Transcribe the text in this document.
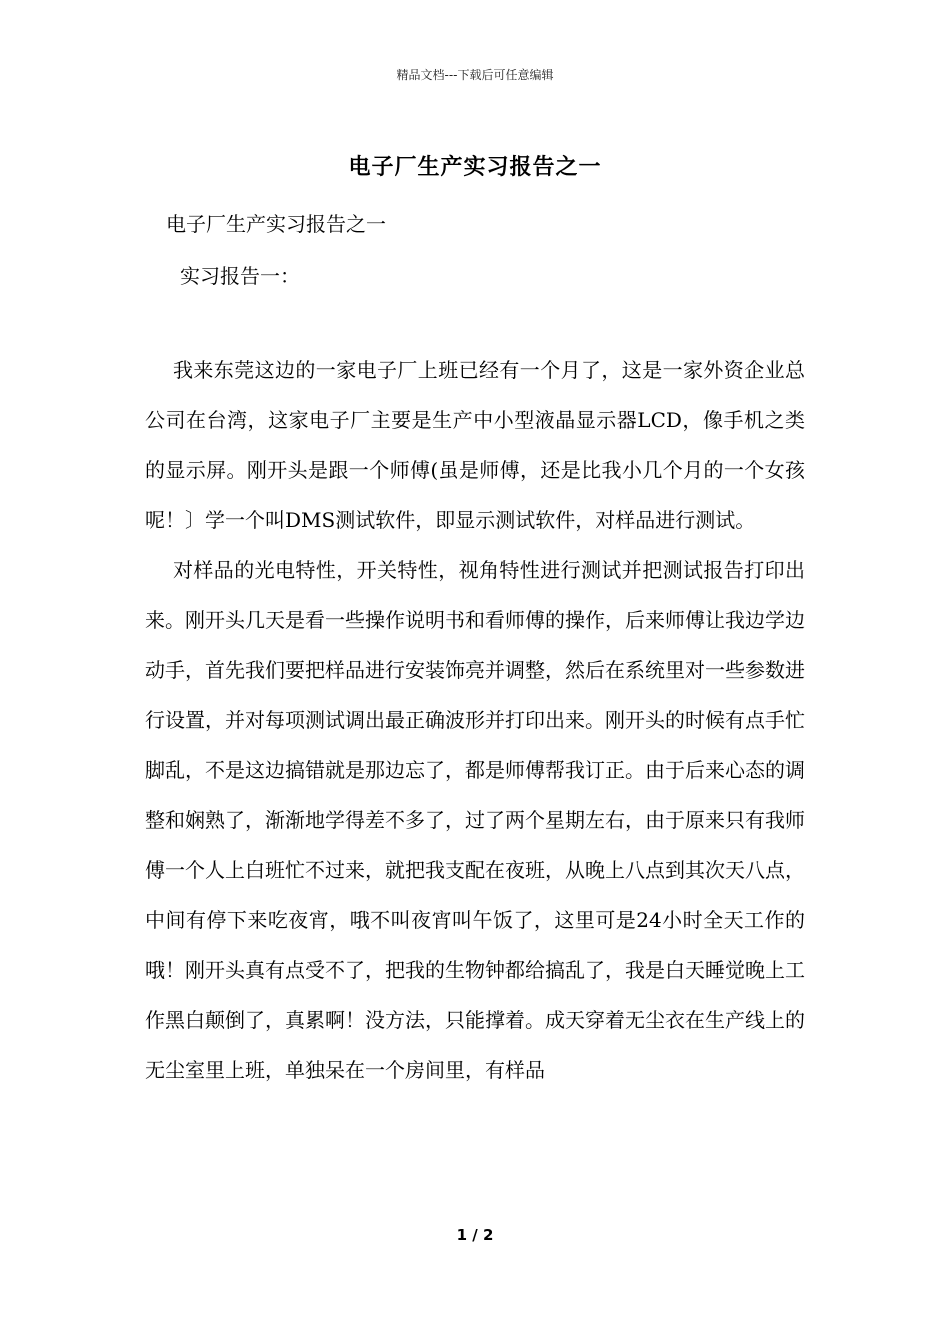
精品文档---下载后可任意编辑
电子厂生产实习报告之一
电子厂生产实习报告之一
实习报告一：

我来东莞这边的一家电子厂上班已经有一个月了，这是一家外资企业总公司在台湾，这家电子厂主要是生产中小型液晶显示器LCD，像手机之类的显示屏。刚开头是跟一个师傅(虽是师傅，还是比我小几个月的一个女孩呢！〕学一个叫DMS测试软件，即显示测试软件，对样品进行测试。

对样品的光电特性，开关特性，视角特性进行测试并把测试报告打印出来。刚开头几天是看一些操作说明书和看师傅的操作，后来师傅让我边学边动手，首先我们要把样品进行安装饰亮并调整，然后在系统里对一些参数进行设置，并对每项测试调出最正确波形并打印出来。刚开头的时候有点手忙脚乱，不是这边搞错就是那边忘了，都是师傅帮我订正。由于后来心态的调整和娴熟了，渐渐地学得差不多了，过了两个星期左右，由于原来只有我师傅一个人上白班忙不过来，就把我支配在夜班，从晚上八点到其次天八点，中间有停下来吃夜宵，哦不叫夜宵叫午饭了，这里可是24小时全天工作的哦！刚开头真有点受不了，把我的生物钟都给搞乱了，我是白天睡觉晚上工作黑白颠倒了，真累啊！没方法，只能撑着。成天穿着无尘衣在生产线上的无尘室里上班，单独呆在一个房间里，有样品

1 / 2
